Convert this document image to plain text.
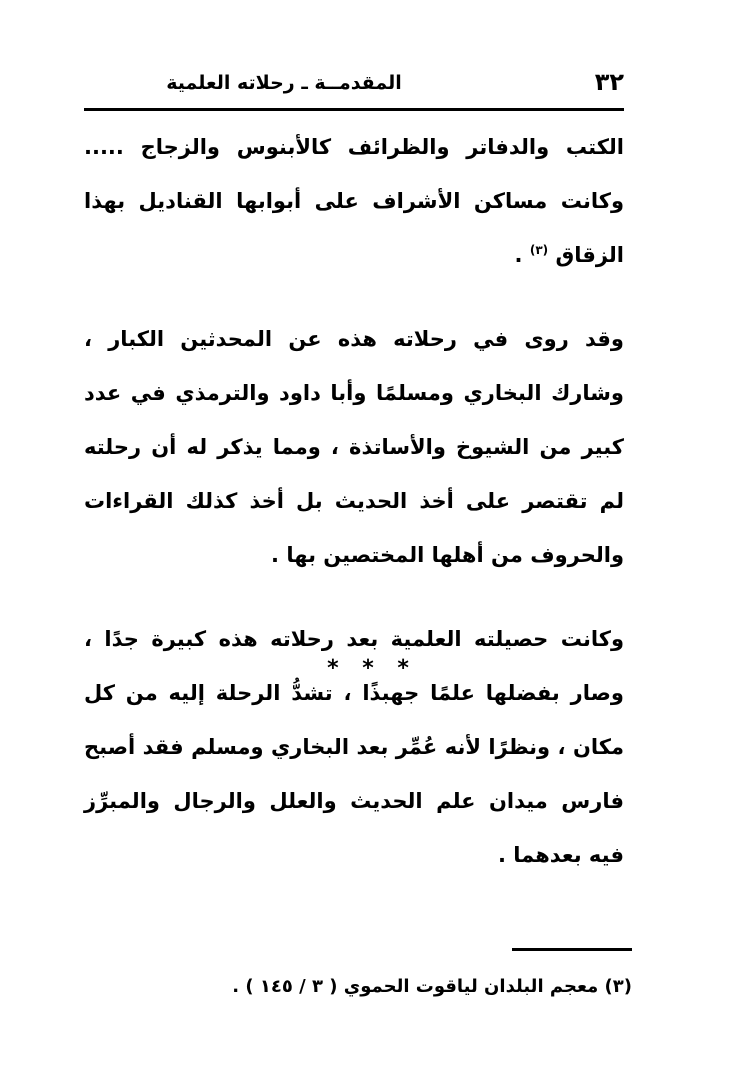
٣٢
المقدمــة ـ رحلاته العلمية

الكتب والدفاتر والظرائف كالأبنوس والزجاج ..... وكانت مساكن الأشراف على أبوابها القناديل بهذا الزقاق $^{(٣)}$ .

وقد روى في رحلاته هذه عن المحدثين الكبار ، وشارك البخاري ومسلمًا وأبا داود والترمذي في عدد كبير من الشيوخ والأساتذة ، ومما يذكر له أن رحلته لم تقتصر على أخذ الحديث بل أخذ كذلك القراءات والحروف من أهلها المختصين بها .

وكانت حصيلته العلمية بعد رحلاته هذه كبيرة جدًا ، وصار بفضلها علمًا جهبذًا ، تشدُّ الرحلة إليه من كل مكان ، ونظرًا لأنه عُمِّر بعد البخاري ومسلم فقد أصبح فارس ميدان علم الحديث والعلل والرجال والمبرِّز فيه بعدهما .

* * *
(٣) معجم البلدان لياقوت الحموي ( ٣ / ١٤٥ ) .
